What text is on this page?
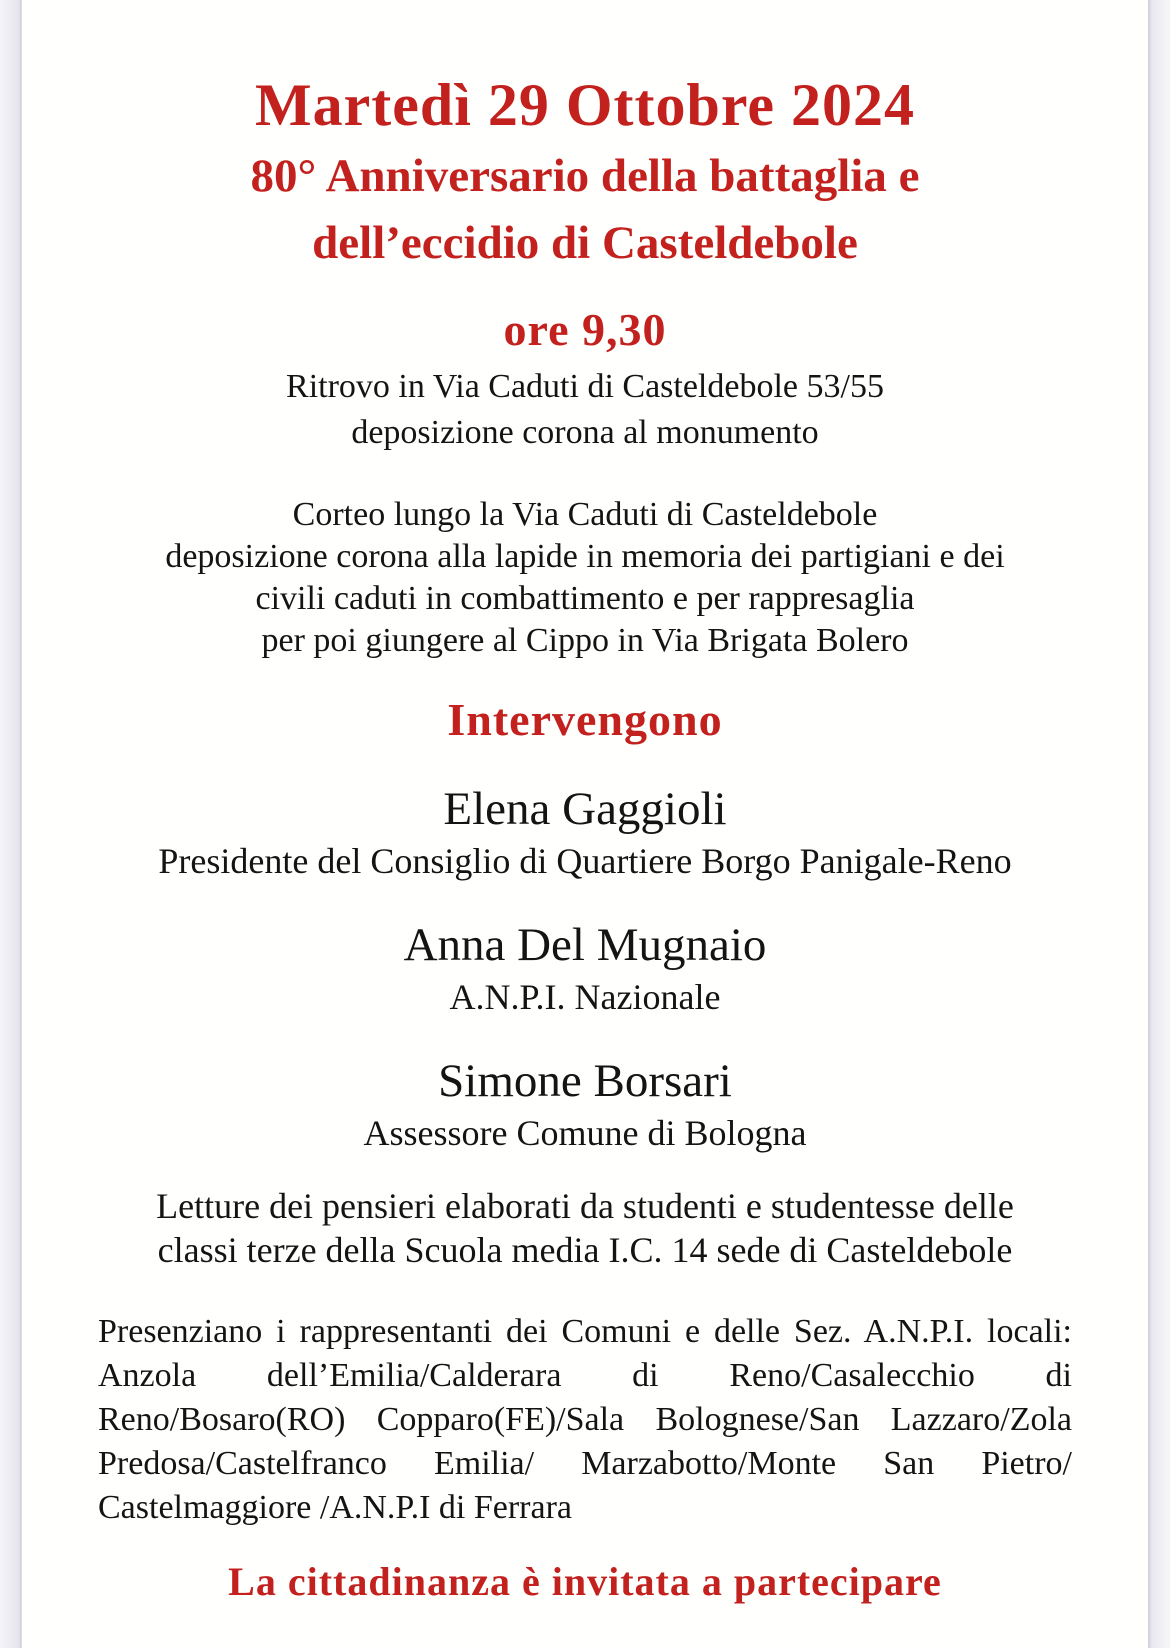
Martedì 29 Ottobre 2024
80° Anniversario della battaglia e
dell’eccidio di Casteldebole
ore 9,30
Ritrovo in Via Caduti di Casteldebole 53/55
deposizione corona al monumento
Corteo lungo la Via Caduti di Casteldebole
deposizione corona alla lapide in memoria dei partigiani e dei
civili caduti in combattimento e per rappresaglia
per poi giungere al Cippo in Via Brigata Bolero
Intervengono
Elena Gaggioli
Presidente del Consiglio di Quartiere Borgo Panigale-Reno
Anna Del Mugnaio
A.N.P.I. Nazionale
Simone Borsari
Assessore Comune di Bologna
Letture dei pensieri elaborati da studenti e studentesse delle
classi terze della Scuola media I.C. 14 sede di Casteldebole
Presenziano i rappresentanti dei Comuni e delle Sez. A.N.P.I. locali: Anzola dell’Emilia/Calderara di Reno/Casalecchio di Reno/Bosaro(RO) Copparo(FE)/Sala Bolognese/San Lazzaro/Zola Predosa/Castelfranco Emilia/ Marzabotto/Monte San Pietro/ Castelmaggiore /A.N.P.I di Ferrara
La cittadinanza è invitata a partecipare
